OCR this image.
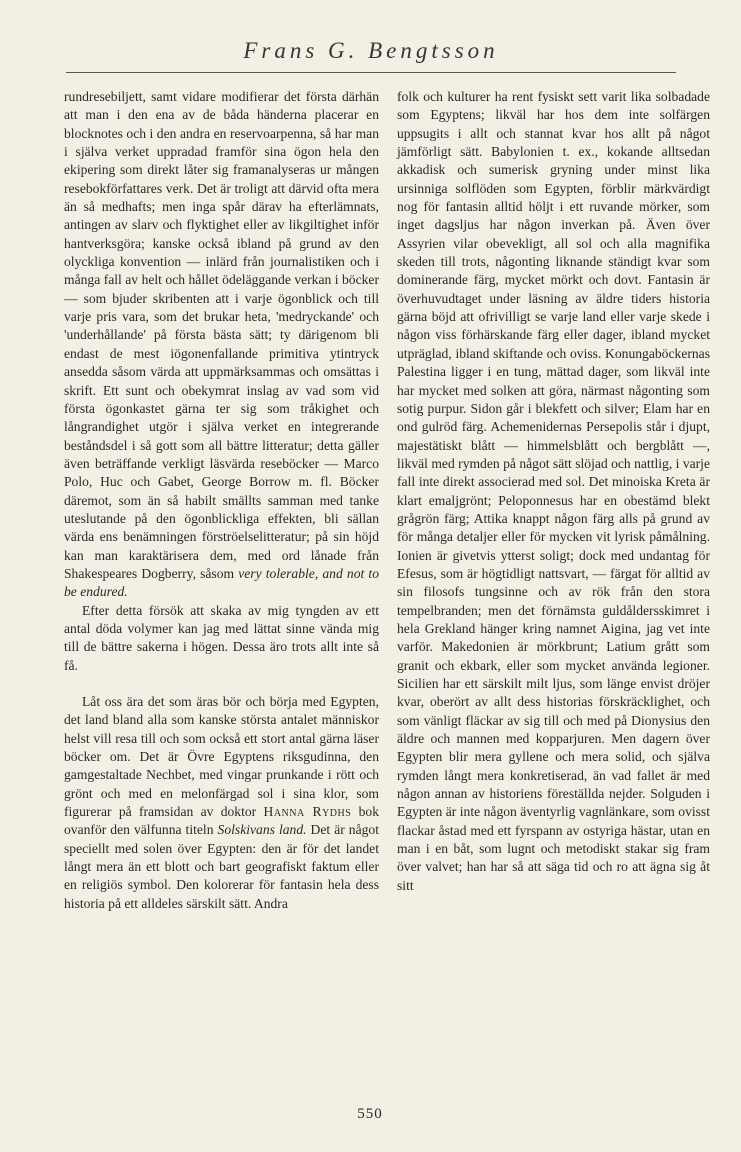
Frans G. Bengtsson

rundresebiljett, samt vidare modifierar det första därhän att man i den ena av de båda händerna placerar en blocknotes och i den andra en reservoarpenna, så har man i själva verket uppradad framför sina ögon hela den ekipering som direkt låter sig framanalyseras ur mången resebokförfattares verk. Det är troligt att därvid ofta mera än så medhafts; men inga spår därav ha efterlämnats, antingen av slarv och flyktighet eller av likgiltighet inför hantverksgöra; kanske också ibland på grund av den olyckliga konvention — inlärd från journalistiken och i många fall av helt och hållet ödeläggande verkan i böcker — som bjuder skribenten att i varje ögonblick och till varje pris vara, som det brukar heta, 'medryckande' och 'underhållande' på första bästa sätt; ty därigenom bli endast de mest iögonenfallande primitiva ytintryck ansedda såsom värda att uppmärksammas och omsättas i skrift. Ett sunt och obekymrat inslag av vad som vid första ögonkastet gärna ter sig som tråkighet och långrandighet utgör i själva verket en integrerande beståndsdel i så gott som all bättre litteratur; detta gäller även beträffande verkligt läsvärda reseböcker — Marco Polo, Huc och Gabet, George Borrow m. fl. Böcker däremot, som än så habilt smällts samman med tanke uteslutande på den ögonblickliga effekten, bli sällan värda ens benämningen förströelselitteratur; på sin höjd kan man karaktärisera dem, med ord lånade från Shakespeares Dogberry, såsom very tolerable, and not to be endured.

Efter detta försök att skaka av mig tyngden av ett antal döda volymer kan jag med lättat sinne vända mig till de bättre sakerna i högen. Dessa äro trots allt inte så få.

Låt oss ära det som äras bör och börja med Egypten, det land bland alla som kanske största antalet människor helst vill resa till och som också ett stort antal gärna läser böcker om. Det är Övre Egyptens riksgudinna, den gamgestaltade Nechbet, med vingar prunkande i rött och grönt och med en melonfärgad sol i sina klor, som figurerar på framsidan av doktor Hanna Rydhs bok ovanför den välfunna titeln Solskivans land. Det är något speciellt med solen över Egypten: den är för det landet långt mera än ett blott och bart geografiskt faktum eller en religiös symbol. Den kolorerar för fantasin hela dess historia på ett alldeles särskilt sätt. Andra

folk och kulturer ha rent fysiskt sett varit lika solbadade som Egyptens; likväl har hos dem inte solfärgen uppsugits i allt och stannat kvar hos allt på något jämförligt sätt. Babylonien t. ex., kokande alltsedan akkadisk och sumerisk gryning under minst lika ursinniga solflöden som Egypten, förblir märkvärdigt nog för fantasin alltid höljt i ett ruvande mörker, som inget dagsljus har någon inverkan på. Även över Assyrien vilar obevekligt, all sol och alla magnifika skeden till trots, någonting liknande ständigt kvar som dominerande färg, mycket mörkt och dovt. Fantasin är överhuvudtaget under läsning av äldre tiders historia gärna böjd att ofrivilligt se varje land eller varje skede i någon viss förhärskande färg eller dager, ibland mycket utpräglad, ibland skiftande och oviss. Konungaböckernas Palestina ligger i en tung, mättad dager, som likväl inte har mycket med solken att göra, närmast någonting som sotig purpur. Sidon går i blekfett och silver; Elam har en ond gulröd färg. Achemenidernas Persepolis står i djupt, majestätiskt blått — himmelsblått och bergblått —, likväl med rymden på något sätt slöjad och nattlig, i varje fall inte direkt associerad med sol. Det minoiska Kreta är klart emaljgrönt; Peloponnesus har en obestämd blekt grågrön färg; Attika knappt någon färg alls på grund av för många detaljer eller för mycken vit lyrisk påmålning. Ionien är givetvis ytterst soligt; dock med undantag för Efesus, som är högtidligt nattsvart, — färgat för alltid av sin filosofs tungsinne och av rök från den stora tempelbranden; men det förnämsta guldåldersskimret i hela Grekland hänger kring namnet Aigina, jag vet inte varför. Makedonien är mörkbrunt; Latium grått som granit och ekbark, eller som mycket använda legioner. Sicilien har ett särskilt milt ljus, som länge envist dröjer kvar, oberört av allt dess historias förskräcklighet, och som vänligt fläckar av sig till och med på Dionysius den äldre och mannen med kopparjuren. Men dagern över Egypten blir mera gyllene och mera solid, och själva rymden långt mera konkretiserad, än vad fallet är med någon annan av historiens föreställda nejder. Solguden i Egypten är inte någon äventyrlig vagnlänkare, som ovisst flackar åstad med ett fyrspann av ostyriga hästar, utan en man i en båt, som lugnt och metodiskt stakar sig fram över valvet; han har så att säga tid och ro att ägna sig åt sitt

550
